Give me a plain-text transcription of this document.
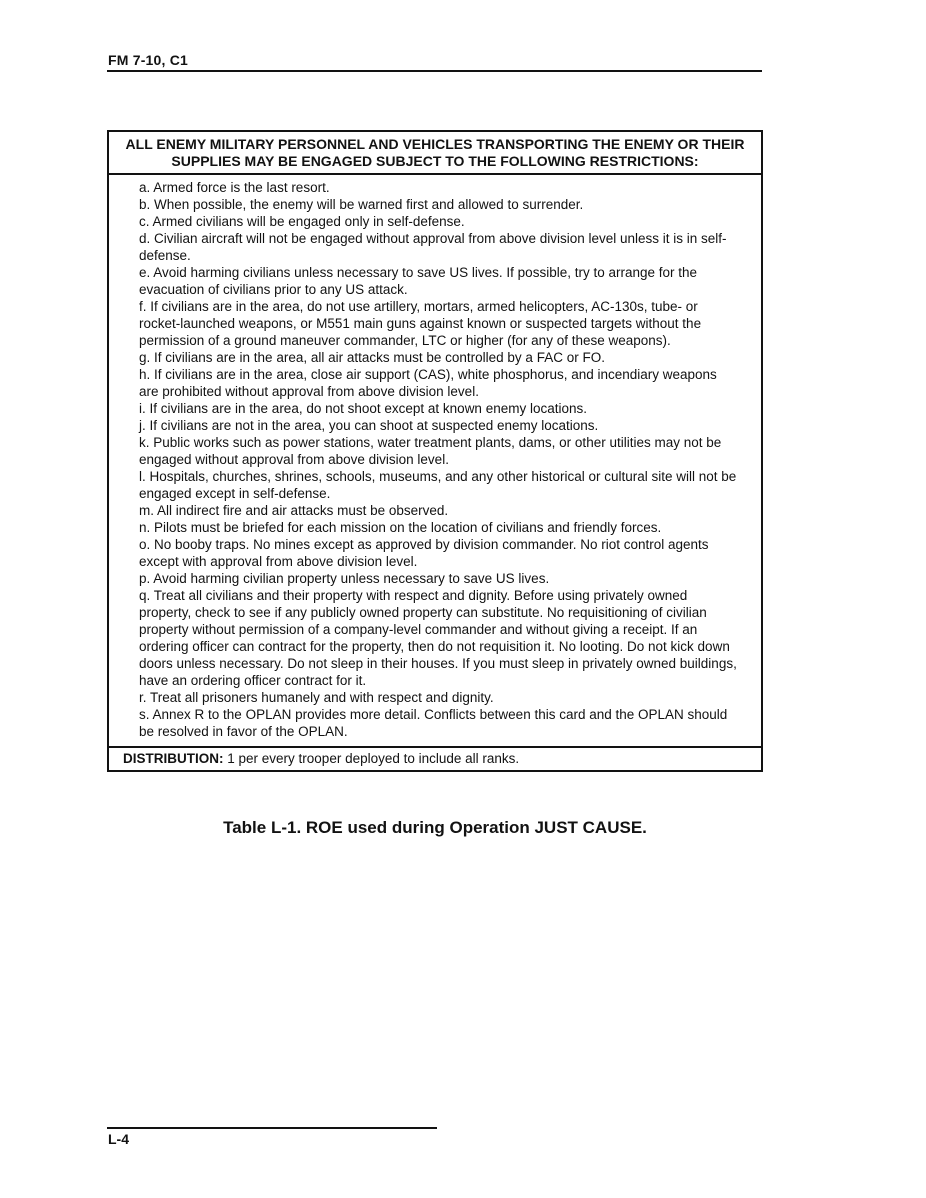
FM 7-10, C1
ALL ENEMY MILITARY PERSONNEL AND VEHICLES TRANSPORTING THE ENEMY OR THEIR SUPPLIES MAY BE ENGAGED SUBJECT TO THE FOLLOWING RESTRICTIONS:

a. Armed force is the last resort.

b. When possible, the enemy will be warned first and allowed to surrender.

c. Armed civilians will be engaged only in self-defense.

d. Civilian aircraft will not be engaged without approval from above division level unless it is in self-defense.

e. Avoid harming civilians unless necessary to save US lives. If possible, try to arrange for the evacuation of civilians prior to any US attack.

f. If civilians are in the area, do not use artillery, mortars, armed helicopters, AC-130s, tube- or rocket-launched weapons, or M551 main guns against known or suspected targets without the permission of a ground maneuver commander, LTC or higher (for any of these weapons).

g. If civilians are in the area, all air attacks must be controlled by a FAC or FO.

h. If civilians are in the area, close air support (CAS), white phosphorus, and incendiary weapons are prohibited without approval from above division level.

i. If civilians are in the area, do not shoot except at known enemy locations.

j. If civilians are not in the area, you can shoot at suspected enemy locations.

k. Public works such as power stations, water treatment plants, dams, or other utilities may not be engaged without approval from above division level.

l. Hospitals, churches, shrines, schools, museums, and any other historical or cultural site will not be engaged except in self-defense.

m. All indirect fire and air attacks must be observed.

n. Pilots must be briefed for each mission on the location of civilians and friendly forces.

o. No booby traps. No mines except as approved by division commander. No riot control agents except with approval from above division level.

p. Avoid harming civilian property unless necessary to save US lives.

q. Treat all civilians and their property with respect and dignity. Before using privately owned property, check to see if any publicly owned property can substitute. No requisitioning of civilian property without permission of a company-level commander and without giving a receipt. If an ordering officer can contract for the property, then do not requisition it. No looting. Do not kick down doors unless necessary. Do not sleep in their houses. If you must sleep in privately owned buildings, have an ordering officer contract for it.

r. Treat all prisoners humanely and with respect and dignity.

s. Annex R to the OPLAN provides more detail. Conflicts between this card and the OPLAN should be resolved in favor of the OPLAN.

DISTRIBUTION: 1 per every trooper deployed to include all ranks.
Table L-1. ROE used during Operation JUST CAUSE.
L-4
